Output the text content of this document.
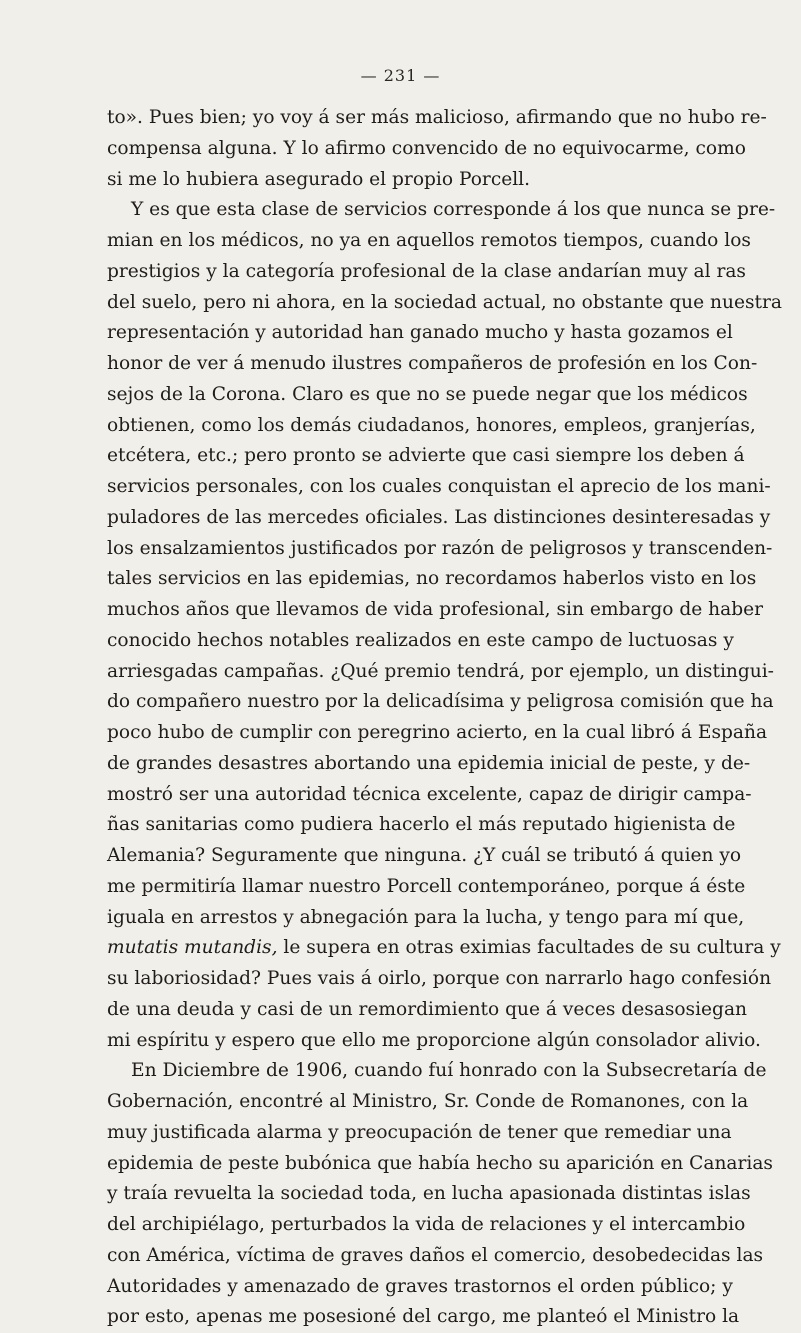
— 231 —
to». Pues bien; yo voy á ser más malicioso, afirmando que no hubo re-
compensa alguna. Y lo afirmo convencido de no equivocarme, como
si me lo hubiera asegurado el propio Porcell.
Y es que esta clase de servicios corresponde á los que nunca se pre-
mian en los médicos, no ya en aquellos remotos tiempos, cuando los
prestigios y la categoría profesional de la clase andarían muy al ras
del suelo, pero ni ahora, en la sociedad actual, no obstante que nuestra
representación y autoridad han ganado mucho y hasta gozamos el
honor de ver á menudo ilustres compañeros de profesión en los Con-
sejos de la Corona. Claro es que no se puede negar que los médicos
obtienen, como los demás ciudadanos, honores, empleos, granjerías,
etcétera, etc.; pero pronto se advierte que casi siempre los deben á
servicios personales, con los cuales conquistan el aprecio de los mani-
puladores de las mercedes oficiales. Las distinciones desinteresadas y
los ensalzamientos justificados por razón de peligrosos y transcenden-
tales servicios en las epidemias, no recordamos haberlos visto en los
muchos años que llevamos de vida profesional, sin embargo de haber
conocido hechos notables realizados en este campo de luctuosas y
arriesgadas campañas. ¿Qué premio tendrá, por ejemplo, un distingui-
do compañero nuestro por la delicadísima y peligrosa comisión que ha
poco hubo de cumplir con peregrino acierto, en la cual libró á España
de grandes desastres abortando una epidemia inicial de peste, y de-
mostró ser una autoridad técnica excelente, capaz de dirigir campa-
ñas sanitarias como pudiera hacerlo el más reputado higienista de
Alemania? Seguramente que ninguna. ¿Y cuál se tributó á quien yo
me permitiría llamar nuestro Porcell contemporáneo, porque á éste
iguala en arrestos y abnegación para la lucha, y tengo para mí que,
mutatis mutandis, le supera en otras eximias facultades de su cultura y
su laboriosidad? Pues vais á oirlo, porque con narrarlo hago confesión
de una deuda y casi de un remordimiento que á veces desasosiegan
mi espíritu y espero que ello me proporcione algún consolador alivio.
En Diciembre de 1906, cuando fuí honrado con la Subsecretaría de
Gobernación, encontré al Ministro, Sr. Conde de Romanones, con la
muy justificada alarma y preocupación de tener que remediar una
epidemia de peste bubónica que había hecho su aparición en Canarias
y traía revuelta la sociedad toda, en lucha apasionada distintas islas
del archipiélago, perturbados la vida de relaciones y el intercambio
con América, víctima de graves daños el comercio, desobedecidas las
Autoridades y amenazado de graves trastornos el orden público; y
por esto, apenas me posesioné del cargo, me planteó el Ministro la
